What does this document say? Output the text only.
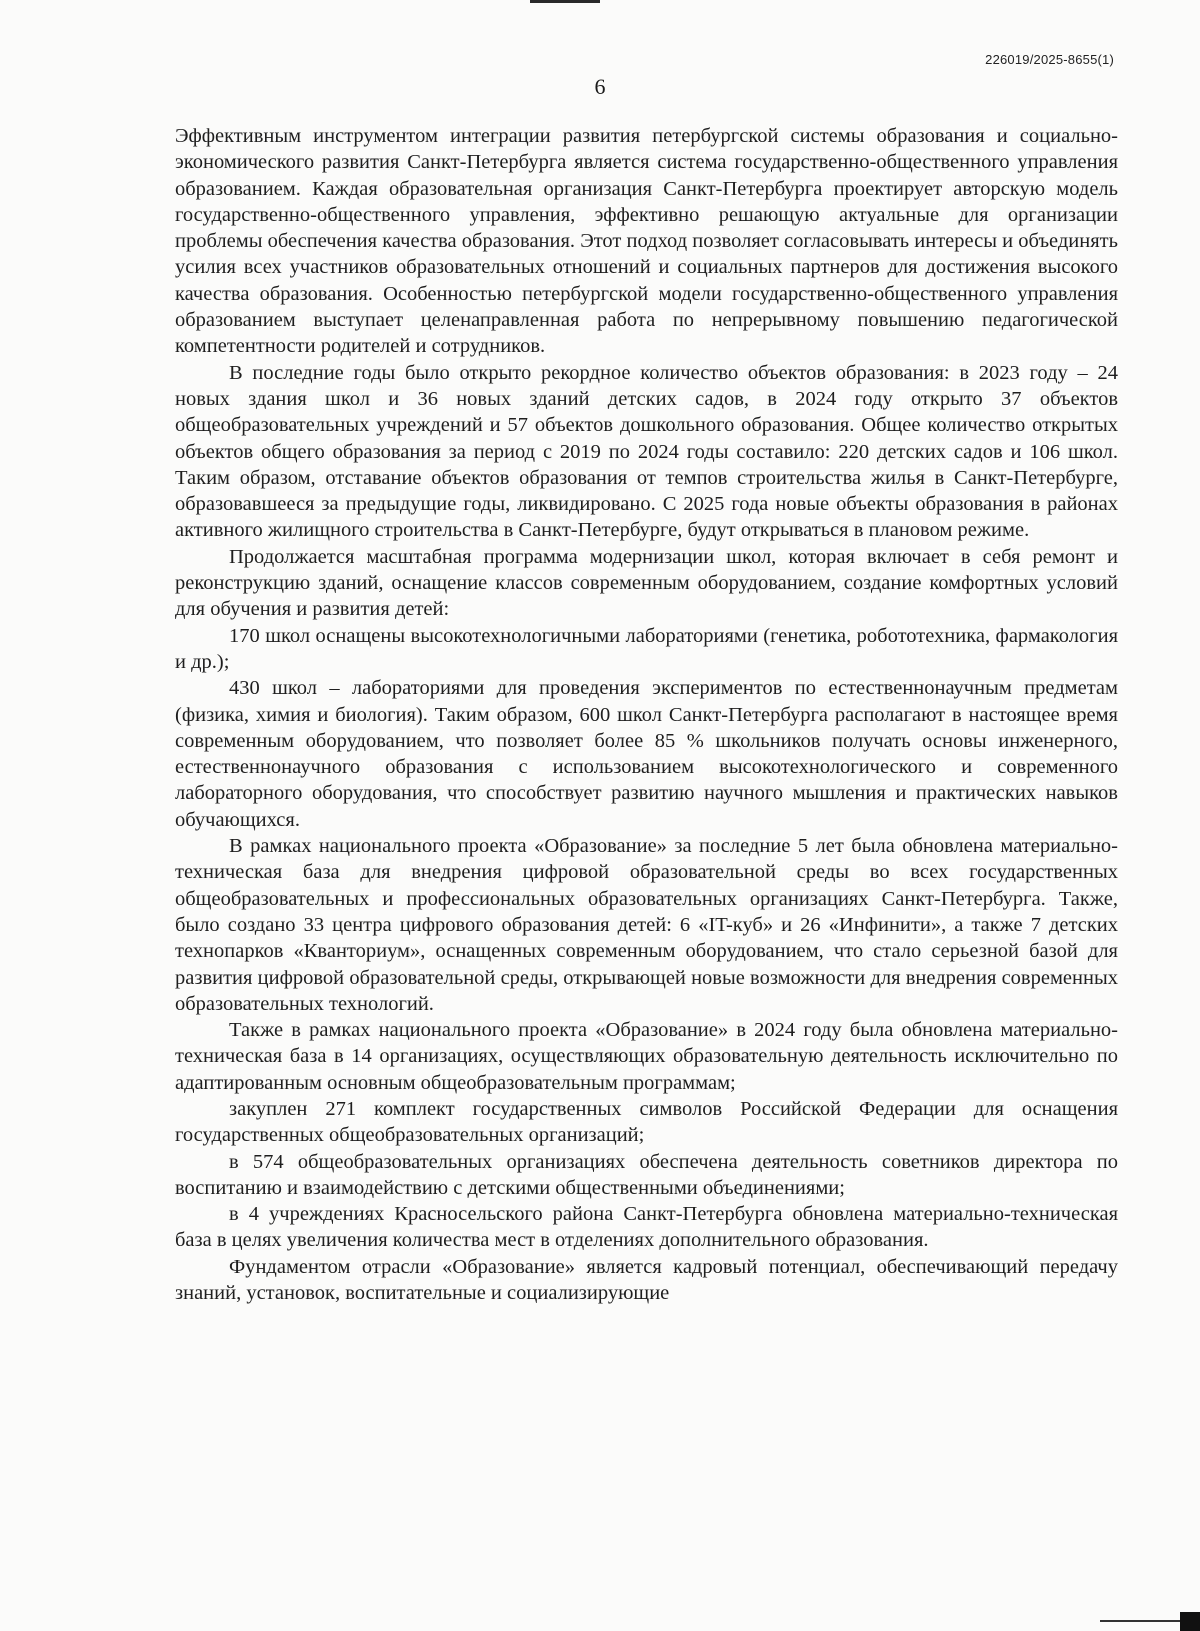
226019/2025-8655(1)
6

Эффективным инструментом интеграции развития петербургской системы образования и социально-экономического развития Санкт-Петербурга является система государственно-общественного управления образованием. Каждая образовательная организация Санкт-Петербурга проектирует авторскую модель государственно-общественного управления, эффективно решающую актуальные для организации проблемы обеспечения качества образования. Этот подход позволяет согласовывать интересы и объединять усилия всех участников образовательных отношений и социальных партнеров для достижения высокого качества образования. Особенностью петербургской модели государственно-общественного управления образованием выступает целенаправленная работа по непрерывному повышению педагогической компетентности родителей и сотрудников.

В последние годы было открыто рекордное количество объектов образования: в 2023 году – 24 новых здания школ и 36 новых зданий детских садов, в 2024 году открыто 37 объектов общеобразовательных учреждений и 57 объектов дошкольного образования. Общее количество открытых объектов общего образования за период с 2019 по 2024 годы составило: 220 детских садов и 106 школ. Таким образом, отставание объектов образования от темпов строительства жилья в Санкт-Петербурге, образовавшееся за предыдущие годы, ликвидировано. С 2025 года новые объекты образования в районах активного жилищного строительства в Санкт-Петербурге, будут открываться в плановом режиме.

Продолжается масштабная программа модернизации школ, которая включает в себя ремонт и реконструкцию зданий, оснащение классов современным оборудованием, создание комфортных условий для обучения и развития детей:

170 школ оснащены высокотехнологичными лабораториями (генетика, робототехника, фармакология и др.);

430 школ – лабораториями для проведения экспериментов по естественнонаучным предметам (физика, химия и биология). Таким образом, 600 школ Санкт-Петербурга располагают в настоящее время современным оборудованием, что позволяет более 85 % школьников получать основы инженерного, естественнонаучного образования с использованием высокотехнологического и современного лабораторного оборудования, что способствует развитию научного мышления и практических навыков обучающихся.

В рамках национального проекта «Образование» за последние 5 лет была обновлена материально-техническая база для внедрения цифровой образовательной среды во всех государственных общеобразовательных и профессиональных образовательных организациях Санкт-Петербурга. Также, было создано 33 центра цифрового образования детей: 6 «IT-куб» и 26 «Инфинити», а также 7 детских технопарков «Кванториум», оснащенных современным оборудованием, что стало серьезной базой для развития цифровой образовательной среды, открывающей новые возможности для внедрения современных образовательных технологий.

Также в рамках национального проекта «Образование» в 2024 году была обновлена материально-техническая база в 14 организациях, осуществляющих образовательную деятельность исключительно по адаптированным основным общеобразовательным программам;

закуплен 271 комплект государственных символов Российской Федерации для оснащения государственных общеобразовательных организаций;

в 574 общеобразовательных организациях обеспечена деятельность советников директора по воспитанию и взаимодействию с детскими общественными объединениями;

в 4 учреждениях Красносельского района Санкт-Петербурга обновлена материально-техническая база в целях увеличения количества мест в отделениях дополнительного образования.

Фундаментом отрасли «Образование» является кадровый потенциал, обеспечивающий передачу знаний, установок, воспитательные и социализирующие
